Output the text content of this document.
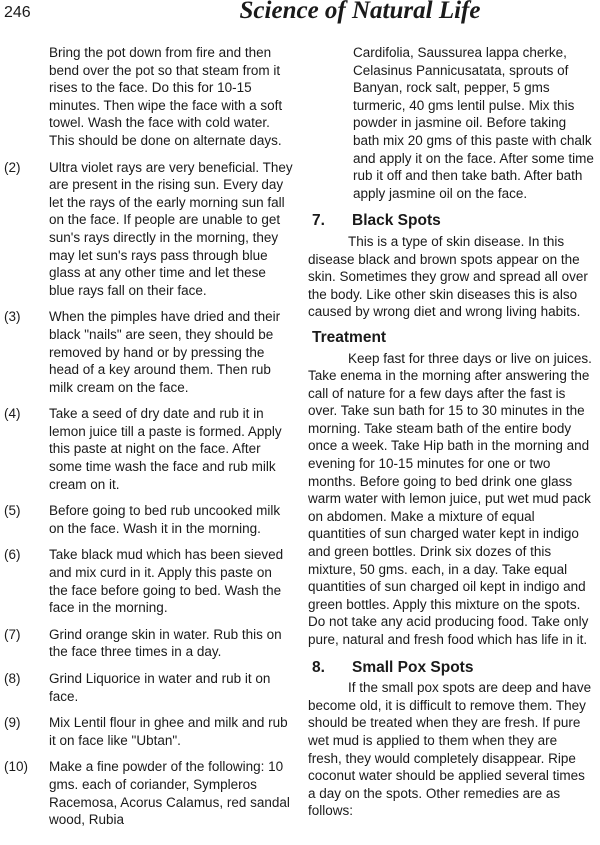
246	Science of Natural Life
Bring the pot down from fire and then bend over the pot so that steam from it rises to the face. Do this for 10-15 minutes. Then wipe the face with a soft towel. Wash the face with cold water. This should be done on alternate days.
(2)	Ultra violet rays are very beneficial. They are present in the rising sun. Every day let the rays of the early morning sun fall on the face. If people are unable to get sun's rays directly in the morning, they may let sun's rays pass through blue glass at any other time and let these blue rays fall on their face.
(3)	When the pimples have dried and their black "nails" are seen, they should be removed by hand or by pressing the head of a key around them. Then rub milk cream on the face.
(4)	Take a seed of dry date and rub it in lemon juice till a paste is formed. Apply this paste at night on the face. After some time wash the face and rub milk cream on it.
(5)	Before going to bed rub uncooked milk on the face. Wash it in the morning.
(6)	Take black mud which has been sieved and mix curd in it. Apply this paste on the face before going to bed. Wash the face in the morning.
(7)	Grind orange skin in water. Rub this on the face three times in a day.
(8)	Grind Liquorice in water and rub it on face.
(9)	Mix Lentil flour in ghee and milk and rub it on face like "Ubtan".
(10)	Make a fine powder of the following: 10 gms. each of coriander, Sympleros Racemosa, Acorus Calamus, red sandal wood, Rubia
Cardifolia, Saussurea lappa cherke, Celasinus Pannicusatata, sprouts of Banyan, rock salt, pepper, 5 gms turmeric, 40 gms lentil pulse. Mix this powder in jasmine oil. Before taking bath mix 20 gms of this paste with chalk and apply it on the face. After some time rub it off and then take bath. After bath apply jasmine oil on the face.
7.	Black Spots
This is a type of skin disease. In this disease black and brown spots appear on the skin. Sometimes they grow and spread all over the body. Like other skin diseases this is also caused by wrong diet and wrong living habits.
Treatment
Keep fast for three days or live on juices. Take enema in the morning after answering the call of nature for a few days after the fast is over. Take sun bath for 15 to 30 minutes in the morning. Take steam bath of the entire body once a week. Take Hip bath in the morning and evening for 10-15 minutes for one or two months. Before going to bed drink one glass warm water with lemon juice, put wet mud pack on abdomen. Make a mixture of equal quantities of sun charged water kept in indigo and green bottles. Drink six dozes of this mixture, 50 gms. each, in a day. Take equal quantities of sun charged oil kept in indigo and green bottles. Apply this mixture on the spots. Do not take any acid producing food. Take only pure, natural and fresh food which has life in it.
8.	Small Pox Spots
If the small pox spots are deep and have become old, it is difficult to remove them. They should be treated when they are fresh. If pure wet mud is applied to them when they are fresh, they would completely disappear. Ripe coconut water should be applied several times a day on the spots. Other remedies are as follows:
